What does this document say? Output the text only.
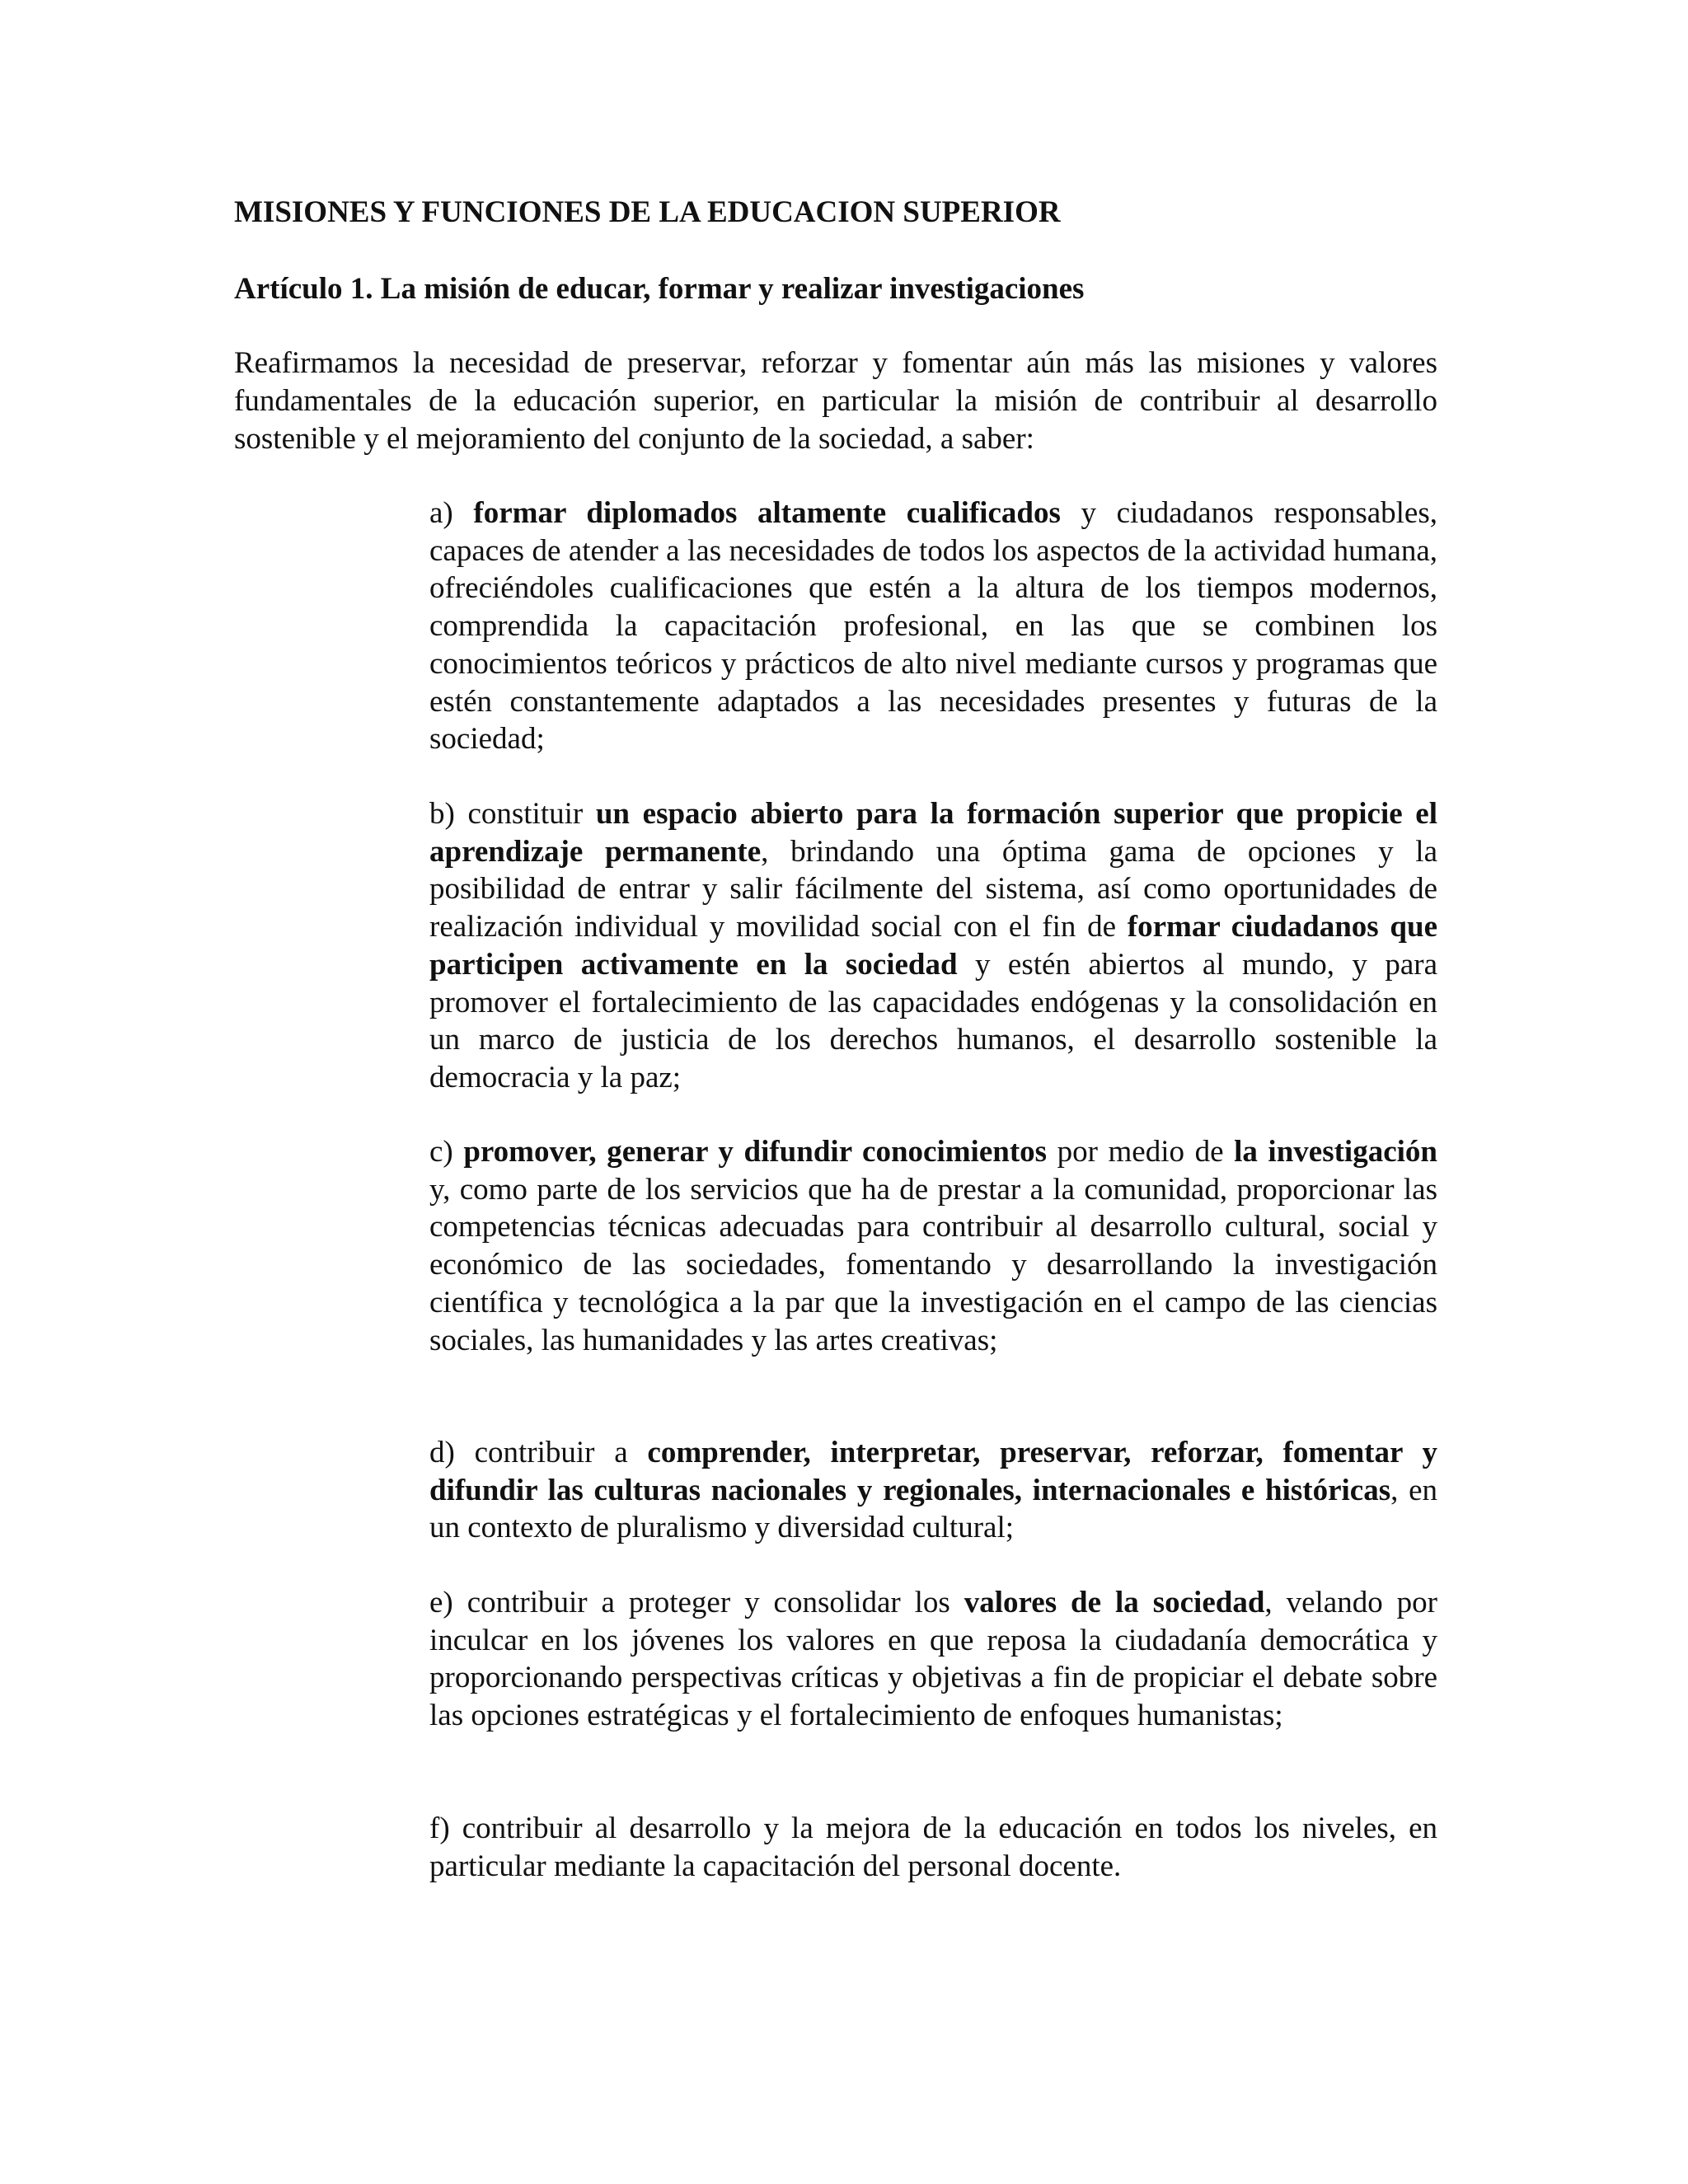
MISIONES Y FUNCIONES DE LA EDUCACION SUPERIOR
Artículo 1. La misión de educar, formar y realizar investigaciones

Reafirmamos la necesidad de preservar, reforzar y fomentar aún más las misiones y valores fundamentales de la educación superior, en particular la misión de contribuir al desarrollo sostenible y el mejoramiento del conjunto de la sociedad, a saber:

a) formar diplomados altamente cualificados y ciudadanos responsables, capaces de atender a las necesidades de todos los aspectos de la actividad humana, ofreciéndoles cualificaciones que estén a la altura de los tiempos modernos, comprendida la capacitación profesional, en las que se combinen los conocimientos teóricos y prácticos de alto nivel mediante cursos y programas que estén constantemente adaptados a las necesidades presentes y futuras de la sociedad;

b) constituir un espacio abierto para la formación superior que propicie el aprendizaje permanente, brindando una óptima gama de opciones y la posibilidad de entrar y salir fácilmente del sistema, así como oportunidades de realización individual y movilidad social con el fin de formar ciudadanos que participen activamente en la sociedad y estén abiertos al mundo, y para promover el fortalecimiento de las capacidades endógenas y la consolidación en un marco de justicia de los derechos humanos, el desarrollo sostenible la democracia y la paz;

c) promover, generar y difundir conocimientos por medio de la investigación y, como parte de los servicios que ha de prestar a la comunidad, proporcionar las competencias técnicas adecuadas para contribuir al desarrollo cultural, social y económico de las sociedades, fomentando y desarrollando la investigación científica y tecnológica a la par que la investigación en el campo de las ciencias sociales, las humanidades y las artes creativas;

d) contribuir a comprender, interpretar, preservar, reforzar, fomentar y difundir las culturas nacionales y regionales, internacionales e históricas, en un contexto de pluralismo y diversidad cultural;

e) contribuir a proteger y consolidar los valores de la sociedad, velando por inculcar en los jóvenes los valores en que reposa la ciudadanía democrática y proporcionando perspectivas críticas y objetivas a fin de propiciar el debate sobre las opciones estratégicas y el fortalecimiento de enfoques humanistas;

f) contribuir al desarrollo y la mejora de la educación en todos los niveles, en particular mediante la capacitación del personal docente.
